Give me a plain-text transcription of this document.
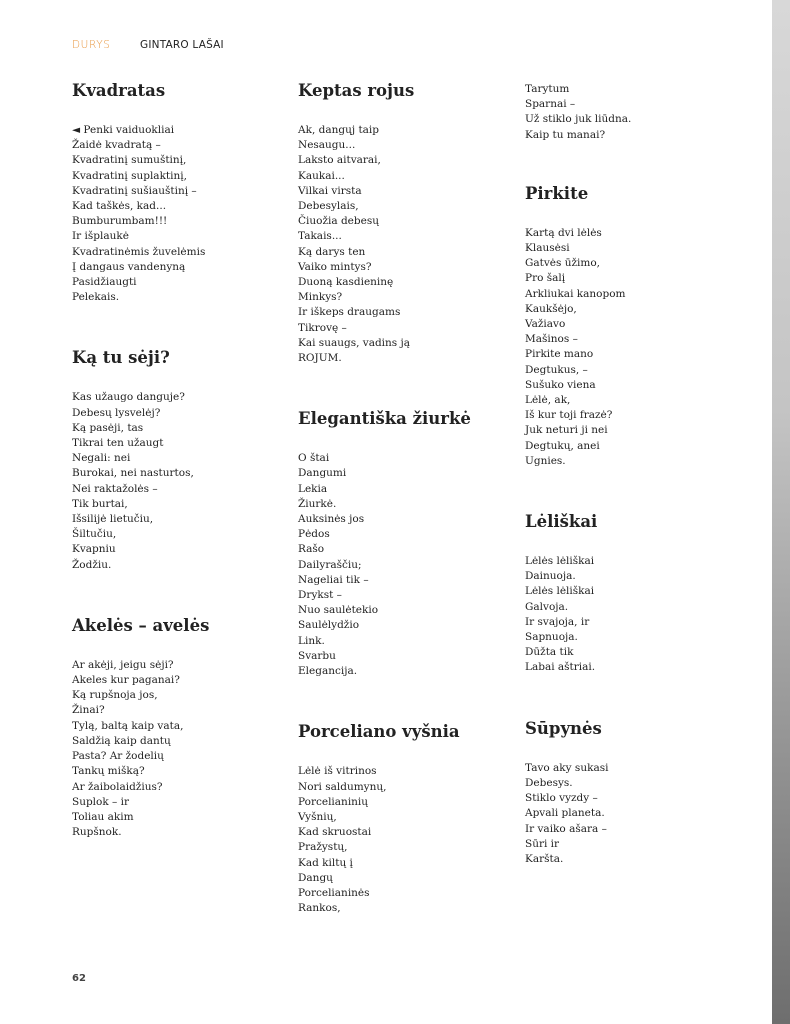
DURYS	GINTARO LAŠAI
Kvadratas
◄ Penki vaiduokliai
Žaidė kvadratą –
Kvadratinį sumuštinį,
Kvadratinį suplaktinį,
Kvadratinį sušiauštinį –
Kad taškės, kad...
Bumburumbam!!!
Ir išplaukė
Kvadratinėmis žuvelėmis
Į dangaus vandenyną
Pasidžiaugti
Pelekais.
Ką tu sėji?
Kas užaugo danguje?
Debesų lysvelėj?
Ką pasėji, tas
Tikrai ten užaugt
Negali: nei
Burokai, nei nasturtos,
Nei raktažolės –
Tik burtai,
Išsilijė lietučiu,
Šiltučiu,
Kvapniu
Žodžiu.
Akelės – avelės
Ar akėji, jeigu sėji?
Akeles kur paganai?
Ką rupšnoja jos,
Žinai?
Tylą, baltą kaip vata,
Saldžią kaip dantų
Pasta? Ar žodelių
Tankų mišką?
Ar žaibolaidžius?
Suplok – ir
Toliau akim
Rupšnok.
Keptas rojus
Ak, dangųj taip
Nesaugu...
Laksto aitvarai,
Kaukai...
Vilkai virsta
Debesylais,
Čiuožia debesų
Takais...
Ką darys ten
Vaiko mintys?
Duoną kasdieninę
Minkys?
Ir iškeps draugams
Tikrovę –
Kai suaugs, vadins ją
ROJUM.
Elegantiška žiurkė
O štai
Dangumi
Lekia
Žiurkė.
Auksinės jos
Pėdos
Rašo
Dailyraščiu;
Nageliai tik –
Drykst –
Nuo saulėtekio
Saulėlydžio
Link.
Svarbu
Elegancija.
Porceliano vyšnia
Lėlė iš vitrinos
Nori saldumynų,
Porcelianinių
Vyšnių,
Kad skruostai
Pražystų,
Kad kiltų į
Dangų
Porcelianinės
Rankos,
Tarytum
Sparnai –
Už stiklo juk liūdna.
Kaip tu manai?
Pirkite
Kartą dvi lėlės
Klausėsi
Gatvės ūžimo,
Pro šalį
Arkliukai kanopom
Kaukšėjo,
Važiavo
Mašinos –
Pirkite mano
Degtukus, –
Sušuko viena
Lėlė, ak,
Iš kur toji frazė?
Juk neturi ji nei
Degtukų, anei
Ugnies.
Lėliškai
Lėlės lėliškai
Dainuoja.
Lėlės lėliškai
Galvoja.
Ir svajoja, ir
Sapnuoja.
Dūžta tik
Labai aštriai.
Sūpynės
Tavo aky sukasi
Debesys.
Stiklo vyzdy –
Apvali planeta.
Ir vaiko ašara –
Sūri ir
Karšta.
62
